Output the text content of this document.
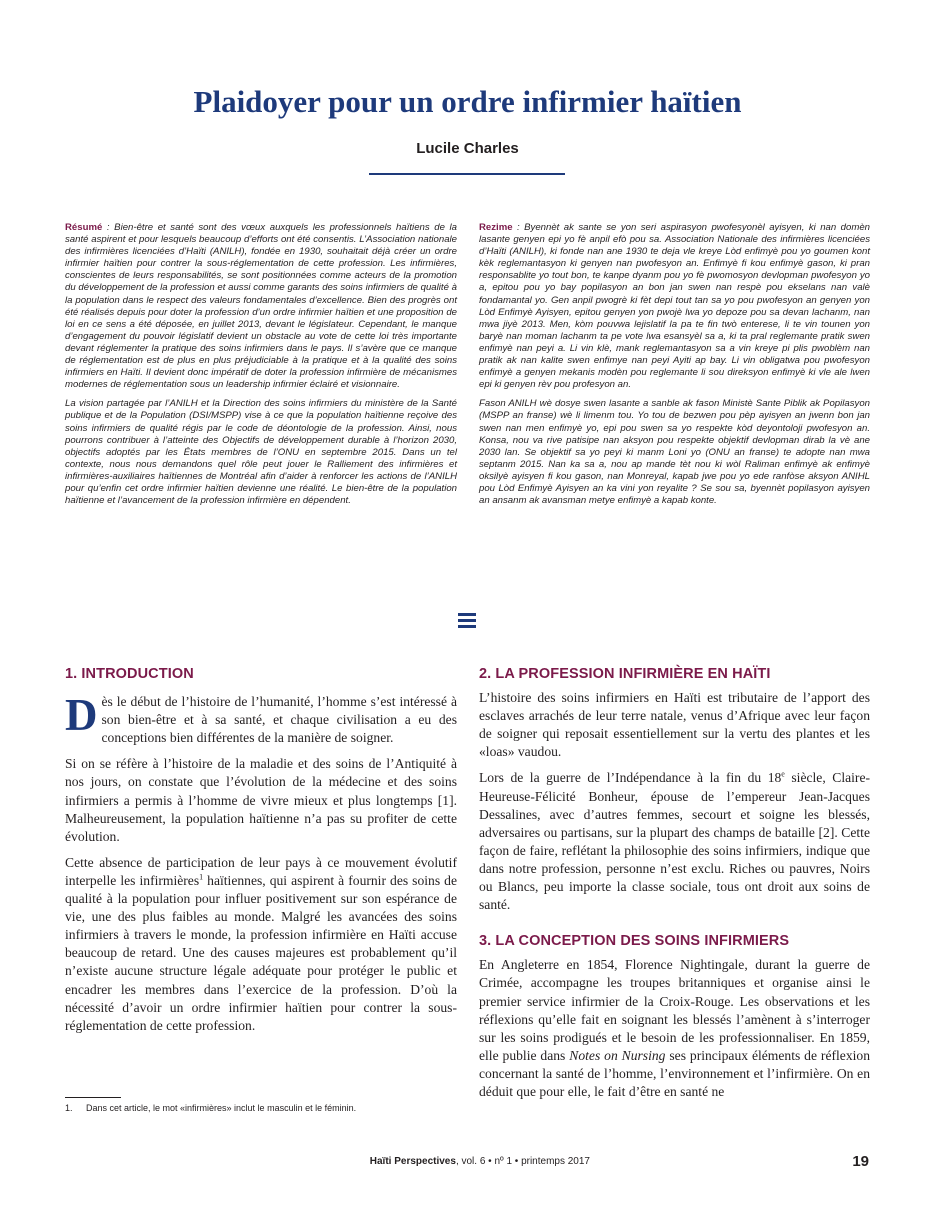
Plaidoyer pour un ordre infirmier haïtien
Lucile Charles

Résumé : Bien-être et santé sont des vœux auxquels les professionnels haïtiens de la santé aspirent et pour lesquels beaucoup d’efforts ont été consentis. L’Association nationale des infirmières licenciées d’Haïti (ANILH), fondée en 1930, souhaitait déjà créer un ordre infirmier haïtien pour contrer la sous-réglementation de cette profession. Les infirmières, conscientes de leurs responsabilités, se sont positionnées comme acteurs de la promotion du développement de la profession et aussi comme garants des soins infirmiers de qualité à la population dans le respect des valeurs fondamentales d’excellence. Bien des progrès ont été réalisés depuis pour doter la profession d’un ordre infirmier haïtien et une proposition de loi en ce sens a été déposée, en juillet 2013, devant le législateur. Cependant, le manque d’engagement du pouvoir législatif devient un obstacle au vote de cette loi très importante devant réglementer la pratique des soins infirmiers dans le pays. Il s’avère que ce manque de réglementation est de plus en plus préjudiciable à la pratique et à la qualité des soins infirmiers en Haïti. Il devient donc impératif de doter la profession infirmière de mécanismes modernes de réglementation sous un leadership infirmier éclairé et visionnaire.

La vision partagée par l’ANILH et la Direction des soins infirmiers du ministère de la Santé publique et de la Population (DSI/MSPP) vise à ce que la population haïtienne reçoive des soins infirmiers de qualité régis par le code de déontologie de la profession. Ainsi, nous pourrons contribuer à l’atteinte des Objectifs de développement durable à l’horizon 2030, objectifs adoptés par les États membres de l’ONU en septembre 2015. Dans un tel contexte, nous nous demandons quel rôle peut jouer le Ralliement des infirmières et infirmières-auxiliaires haïtiennes de Montréal afin d’aider à renforcer les actions de l’ANILH pour qu’enfin cet ordre infirmier haïtien devienne une réalité. Le bien-être de la population haïtienne et l’avancement de la profession infirmière en dépendent.

Rezime : Byennèt ak sante se yon seri aspirasyon pwofesyonèl ayisyen, ki nan domèn lasante genyen epi yo fè anpil efò pou sa. Association Nationale des infirmières licenciées d’Haïti (ANILH), ki fonde nan ane 1930 te deja vle kreye Lòd enfimyè pou yo goumen kont kèk reglemantasyon ki genyen nan pwofesyon an. Enfimyè fi kou enfimyè gason, ki pran responsablite yo tout bon, te kanpe dyanm pou yo fè pwomosyon devlopman pwofesyon yo a, epitou pou yo bay popilasyon an bon jan swen nan respè pou ekselans nan valè fondamantal yo. Gen anpil pwogrè ki fèt depi tout tan sa yo pou pwofesyon an genyen yon Lòd Enfimyè Ayisyen, epitou genyen yon pwojè lwa yo depoze pou sa devan lachanm, nan mwa jiyè 2013. Men, kòm pouvwa lejislatif la pa te fin twò enterese, li te vin tounen yon baryè nan moman lachanm ta pe vote lwa esansyèl sa a, ki ta pral reglemante pratik swen enfimyè nan peyi a. Li vin klè, mank reglemantasyon sa a vin kreye pi plis pwoblèm nan pratik ak nan kalite swen enfimye nan peyi Ayiti ap bay. Li vin obligatwa pou pwofesyon enfimyè a genyen mekanis modèn pou reglemante li sou direksyon enfimyè ki vle ale lwen epi ki genyen rèv pou profesyon an.

Fason ANILH wè dosye swen lasante a sanble ak fason Ministè Sante Piblik ak Popilasyon (MSPP an franse) wè li limenm tou. Yo tou de bezwen pou pèp ayisyen an jwenn bon jan swen nan men enfimyè yo, epi pou swen sa yo respekte kòd deyontoloji pwofesyon an. Konsa, nou va rive patisipe nan aksyon pou respekte objektif devlopman dirab la vè ane 2030 lan. Se objektif sa yo peyi ki manm Loni yo (ONU an franse) te adopte nan mwa septanm 2015. Nan ka sa a, nou ap mande tèt nou ki wòl Raliman enfimyè ak enfimyè oksilyè ayisyen fi kou gason, nan Monreyal, kapab jwe pou yo ede ranfòse aksyon ANIHL pou Lòd Enfimyè Ayisyen an ka vini yon reyalite ? Se sou sa, byennèt popilasyon ayisyen an ansanm ak avansman metye enfimyè a kapab konte.

1. INTRODUCTION

Dès le début de l’histoire de l’humanité, l’homme s’est intéressé à son bien-être et à sa santé, et chaque civilisation a eu des conceptions bien différentes de la manière de soigner.

Si on se réfère à l’histoire de la maladie et des soins de l’Antiquité à nos jours, on constate que l’évolution de la médecine et des soins infirmiers a permis à l’homme de vivre mieux et plus longtemps [1]. Malheureusement, la population haïtienne n’a pas su profiter de cette évolution.

Cette absence de participation de leur pays à ce mouvement évolutif interpelle les infirmières$^1$ haïtiennes, qui aspirent à fournir des soins de qualité à la population pour influer positivement sur son espérance de vie, une des plus faibles au monde. Malgré les avancées des soins infirmiers à travers le monde, la profession infirmière en Haïti accuse beaucoup de retard. Une des causes majeures est probablement qu’il n’existe aucune structure légale adéquate pour protéger le public et encadrer les membres dans l’exercice de la profession. D’où la nécessité d’avoir un ordre infirmier haïtien pour contrer la sous-réglementation de cette profession.

2. LA PROFESSION INFIRMIÈRE EN HAÏTI

L’histoire des soins infirmiers en Haïti est tributaire de l’apport des esclaves arrachés de leur terre natale, venus d’Afrique avec leur façon de soigner qui reposait essentiellement sur la vertu des plantes et les «loas» vaudou.

Lors de la guerre de l’Indépendance à la fin du 18e siècle, Claire-Heureuse-Félicité Bonheur, épouse de l’empereur Jean-Jacques Dessalines, avec d’autres femmes, secourt et soigne les blessés, adversaires ou partisans, sur la plupart des champs de bataille [2]. Cette façon de faire, reflétant la philosophie des soins infirmiers, indique que dans notre profession, personne n’est exclu. Riches ou pauvres, Noirs ou Blancs, peu importe la classe sociale, tous ont droit aux soins de santé.

3. LA CONCEPTION DES SOINS INFIRMIERS

En Angleterre en 1854, Florence Nightingale, durant la guerre de Crimée, accompagne les troupes britanniques et organise ainsi le premier service infirmier de la Croix-Rouge. Les observations et les réflexions qu’elle fait en soignant les blessés l’amènent à s’interroger sur les soins prodigués et le besoin de les professionnaliser. En 1859, elle publie dans Notes on Nursing ses principaux éléments de réflexion concernant la santé de l’homme, l’environnement et l’infirmière. On en déduit que pour elle, le fait d’être en santé ne

1. Dans cet article, le mot «infirmières» inclut le masculin et le féminin.
Haïti Perspectives, vol. 6 • nº 1 • printemps 2017	19
